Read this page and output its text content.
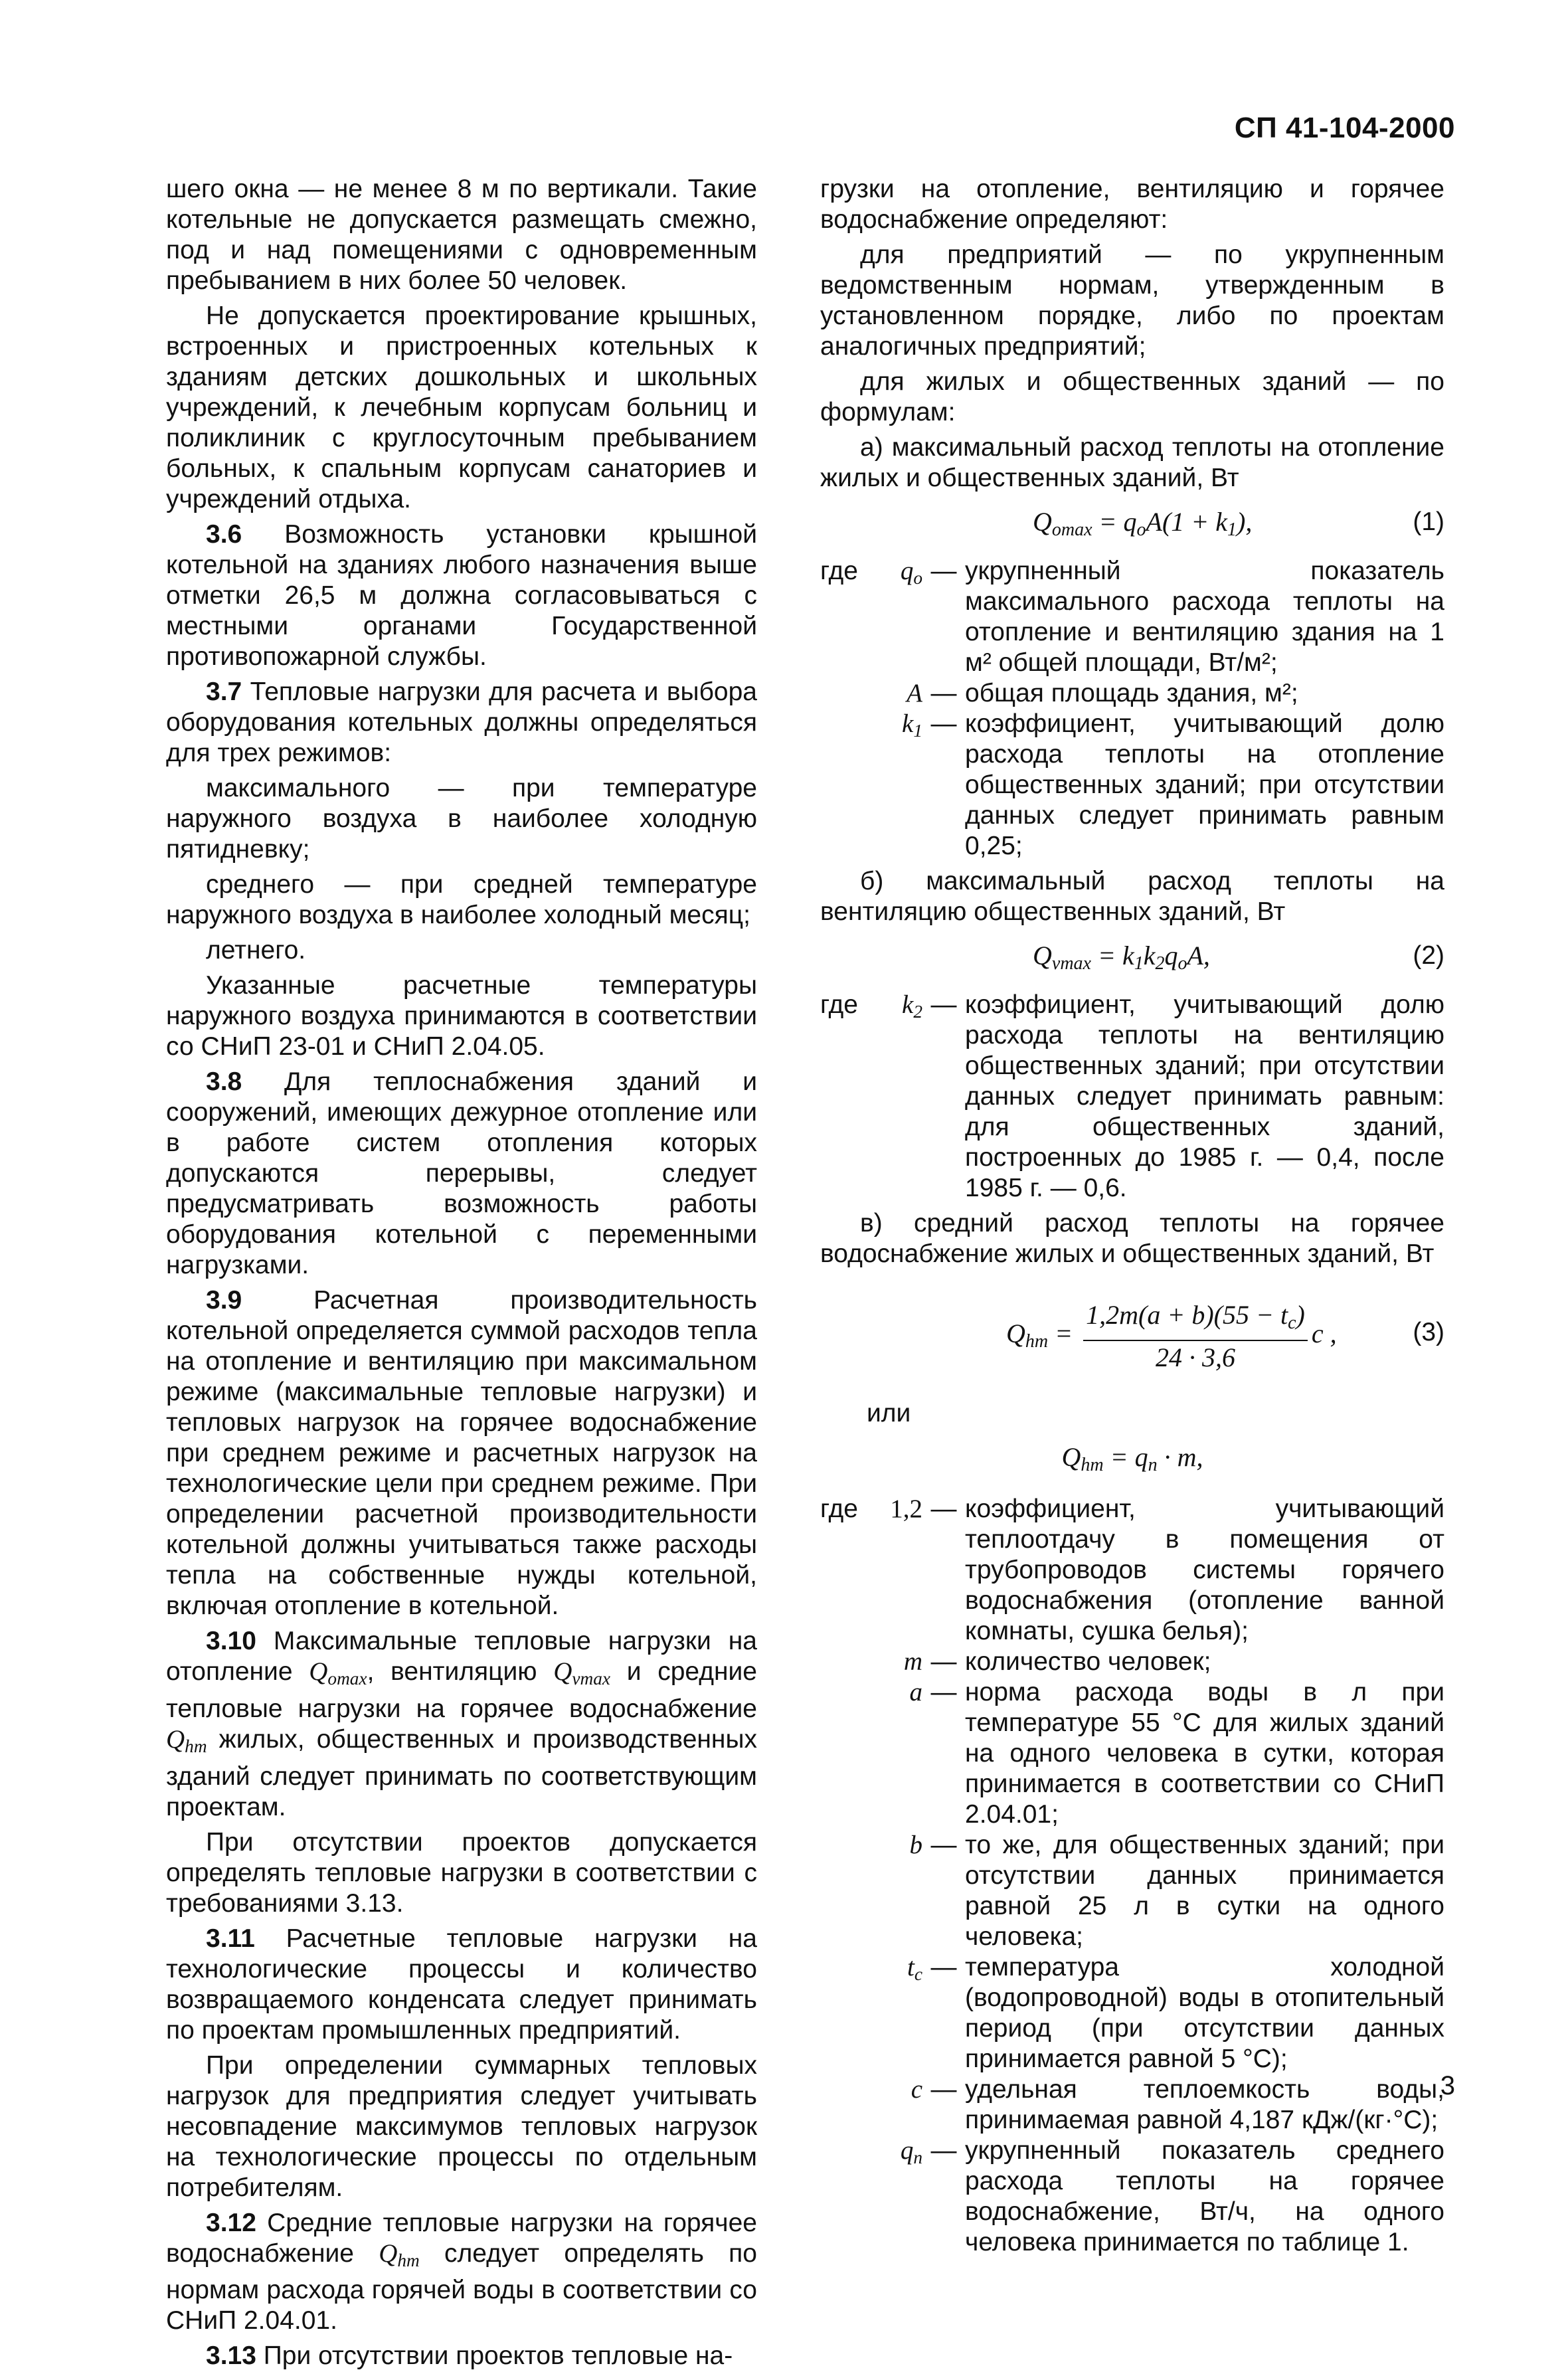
СП 41-104-2000

шего окна — не менее 8 м по вертикали. Такие котельные не допускается размещать смежно, под и над помещениями с одновременным пребыванием в них более 50 человек.

Не допускается проектирование крышных, встроенных и пристроенных котельных к зданиям детских дошкольных и школьных учреждений, к лечебным корпусам больниц и поликлиник с круглосуточным пребыванием больных, к спальным корпусам санаториев и учреждений отдыха.

3.6 Возможность установки крышной котельной на зданиях любого назначения выше отметки 26,5 м должна согласовываться с местными органами Государственной противопожарной службы.

3.7 Тепловые нагрузки для расчета и выбора оборудования котельных должны определяться для трех режимов:

максимального — при температуре наружного воздуха в наиболее холодную пятидневку;

среднего — при средней температуре наружного воздуха в наиболее холодный месяц;

летнего.

Указанные расчетные температуры наружного воздуха принимаются в соответствии со СНиП 23-01 и СНиП 2.04.05.

3.8 Для теплоснабжения зданий и сооружений, имеющих дежурное отопление или в работе систем отопления которых допускаются перерывы, следует предусматривать возможность работы оборудования котельной с переменными нагрузками.

3.9 Расчетная производительность котельной определяется суммой расходов тепла на отопление и вентиляцию при максимальном режиме (максимальные тепловые нагрузки) и тепловых нагрузок на горячее водоснабжение при среднем режиме и расчетных нагрузок на технологические цели при среднем режиме. При определении расчетной производительности котельной должны учитываться также расходы тепла на собственные нужды котельной, включая отопление в котельной.

3.10 Максимальные тепловые нагрузки на отопление $Q_{omax}$, вентиляцию $Q_{vmax}$ и средние тепловые нагрузки на горячее водоснабжение $Q_{hm}$ жилых, общественных и производственных зданий следует принимать по соответствующим проектам.

При отсутствии проектов допускается определять тепловые нагрузки в соответствии с требованиями 3.13.

3.11 Расчетные тепловые нагрузки на технологические процессы и количество возвращаемого конденсата следует принимать по проектам промышленных предприятий.

При определении суммарных тепловых нагрузок для предприятия следует учитывать несовпадение максимумов тепловых нагрузок на технологические процессы по отдельным потребителям.

3.12 Средние тепловые нагрузки на горячее водоснабжение $Q_{hm}$ следует определять по нормам расхода горячей воды в соответствии со СНиП 2.04.01.

3.13 При отсутствии проектов тепловые на-

грузки на отопление, вентиляцию и горячее водоснабжение определяют:

для предприятий — по укрупненным ведомственным нормам, утвержденным в установленном порядке, либо по проектам аналогичных предприятий;

для жилых и общественных зданий — по формулам:

а) максимальный расход теплоты на отопление жилых и общественных зданий, Вт

$Q_{omax} = q_oA(1 + k_1)$,	(1)
где	$q_o$ — укрупненный показатель максимального расхода теплоты на отопление и вентиляцию здания на 1 м² общей площади, Вт/м²;
A — общая площадь здания, м²;
$k_1$ — коэффициент, учитывающий долю расхода теплоты на отопление общественных зданий; при отсутствии данных следует принимать равным 0,25;

б) максимальный расход теплоты на вентиляцию общественных зданий, Вт

$Q_{vmax} = k_1k_2q_oA$,	(2)
где	$k_2$ — коэффициент, учитывающий долю расхода теплоты на вентиляцию общественных зданий; при отсутствии данных следует принимать равным: для общественных зданий, построенных до 1985 г. — 0,4, после 1985 г. — 0,6.

в) средний расход теплоты на горячее водоснабжение жилых и общественных зданий, Вт

$Q_{hm} = \frac{1,2m(a + b)(55 - t_c)}{24 \cdot 3,6}$ c ,	(3)
или
$Q_{hm} = q_n \cdot m$,
где	1,2 — коэффициент, учитывающий теплоотдачу в помещения от трубопроводов системы горячего водоснабжения (отопление ванной комнаты, сушка белья);
m — количество человек;
a — норма расхода воды в л при температуре 55 °С для жилых зданий на одного человека в сутки, которая принимается в соответствии со СНиП 2.04.01;
b — то же, для общественных зданий; при отсутствии данных принимается равной 25 л в сутки на одного человека;
$t_c$ — температура холодной (водопроводной) воды в отопительный период (при отсутствии данных принимается равной 5 °С);
c — удельная теплоемкость воды, принимаемая равной 4,187 кДж/(кг·°С);
$q_n$ — укрупненный показатель среднего расхода теплоты на горячее водоснабжение, Вт/ч, на одного человека принимается по таблице 1.
3
